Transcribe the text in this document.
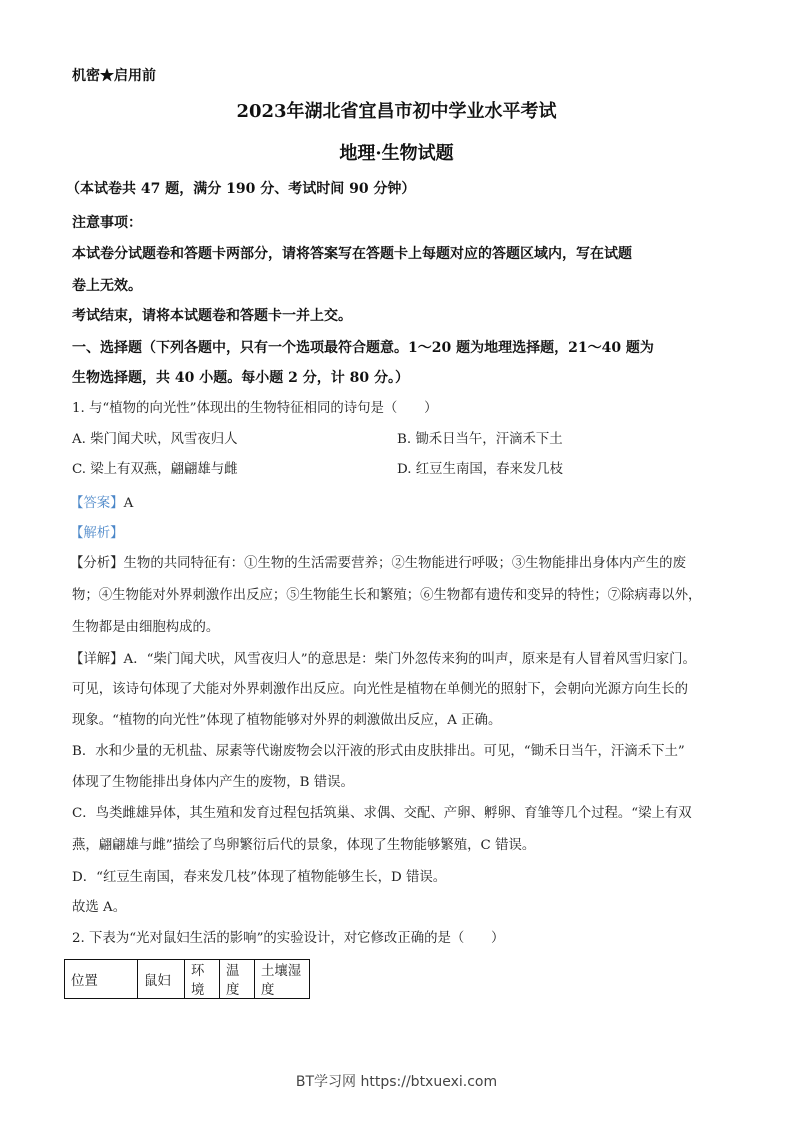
机密★启用前
2023年湖北省宜昌市初中学业水平考试
地理·生物试题
（本试卷共 47 题，满分 190 分、考试时间 90 分钟）
注意事项：
本试卷分试题卷和答题卡两部分，请将答案写在答题卡上每题对应的答题区域内，写在试题
卷上无效。
考试结束，请将本试题卷和答题卡一并上交。
一、选择题（下列各题中，只有一个选项最符合题意。1～20 题为地理选择题，21～40 题为
生物选择题，共 40 小题。每小题 2 分，计 80 分。）
1. 与“植物的向光性”体现出的生物特征相同的诗句是（　　）
A. 柴门闻犬吠，风雪夜归人	B. 锄禾日当午，汗滴禾下土
C. 梁上有双燕，翩翩雄与雌	D. 红豆生南国，春来发几枝
【答案】A
【解析】
【分析】生物的共同特征有：①生物的生活需要营养；②生物能进行呼吸；③生物能排出身体内产生的废
物；④生物能对外界刺激作出反应；⑤生物能生长和繁殖；⑥生物都有遗传和变异的特性；⑦除病毒以外，
生物都是由细胞构成的。
【详解】A．“柴门闻犬吠，风雪夜归人”的意思是：柴门外忽传来狗的叫声，原来是有人冒着风雪归家门。
可见，该诗句体现了犬能对外界刺激作出反应。向光性是植物在单侧光的照射下，会朝向光源方向生长的
现象。“植物的向光性”体现了植物能够对外界的刺激做出反应，A 正确。
B．水和少量的无机盐、尿素等代谢废物会以汗液的形式由皮肤排出。可见，“锄禾日当午，汗滴禾下土”
体现了生物能排出身体内产生的废物，B 错误。
C．鸟类雌雄异体，其生殖和发育过程包括筑巢、求偶、交配、产卵、孵卵、育雏等几个过程。“梁上有双
燕，翩翩雄与雌”描绘了鸟卵繁衍后代的景象，体现了生物能够繁殖，C 错误。
D．“红豆生南国，春来发几枝”体现了植物能够生长，D 错误。
故选 A。
2. 下表为“光对鼠妇生活的影响”的实验设计，对它修改正确的是（　　）
位置	鼠妇	环境	温度	土壤湿度
BT学习网 https://btxuexi.com
